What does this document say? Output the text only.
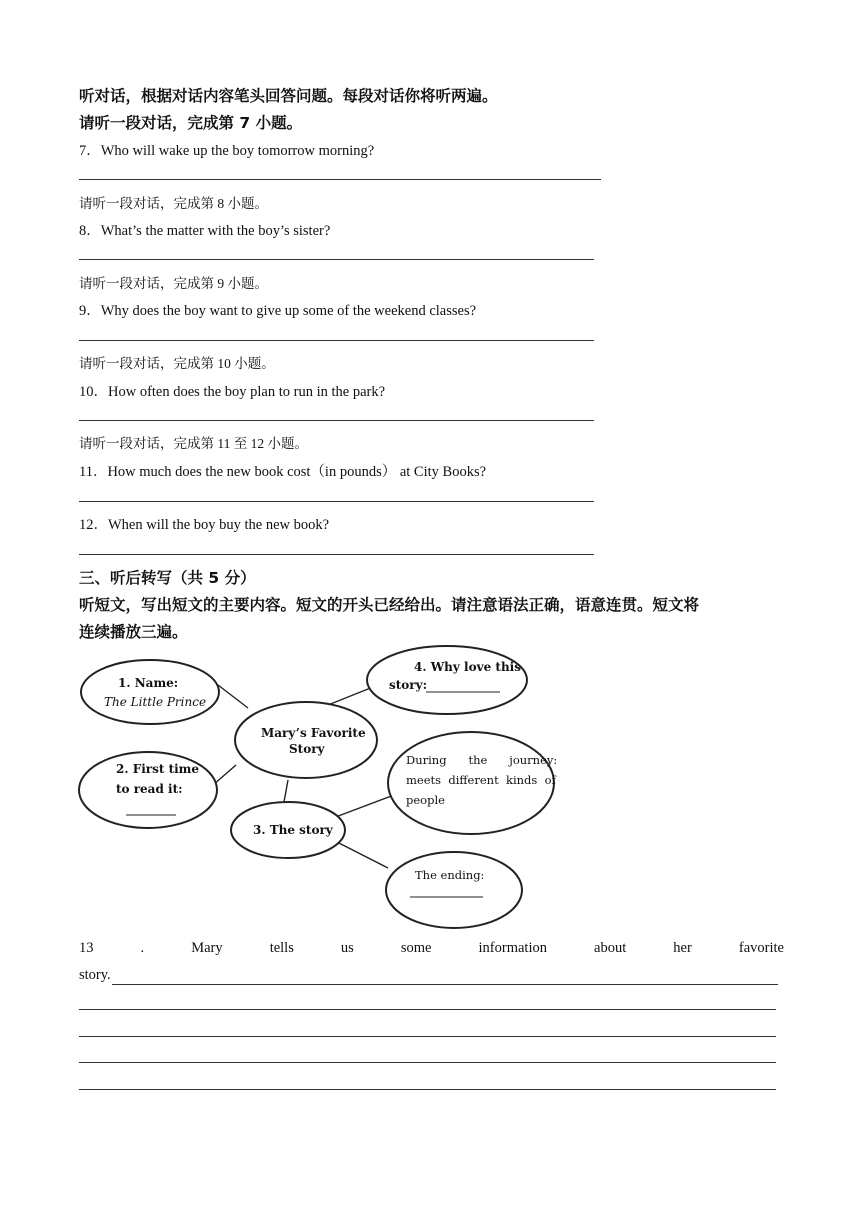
听对话，根据对话内容笔头回答问题。每段对话你将听两遍。
请听一段对话，完成第 7 小题。
7．Who will wake up the boy tomorrow morning?
请听一段对话，完成第 8 小题。
8．What’s the matter with the boy’s sister?
请听一段对话，完成第 9 小题。
9．Why does the boy want to give up some of the weekend classes?
请听一段对话，完成第 10 小题。
10．How often does the boy plan to run in the park?
请听一段对话，完成第 11 至 12 小题。
11．How much does the new book cost（in pounds） at City Books?
12．When will the boy buy the new book?
三、听后转写（共 5 分）
听短文，写出短文的主要内容。短文的开头已经给出。请注意语法正确，语意连贯。短文将
连续播放三遍。
1. Name:
The Little Prince
Mary’s Favorite
Story
4. Why love this
story:
2. First time
to read it:
3. The story
During      the      journey:
meets  different  kinds  of
people
The ending:
13	.	Mary	tells	us	some	information	about	her	favorite
story.
